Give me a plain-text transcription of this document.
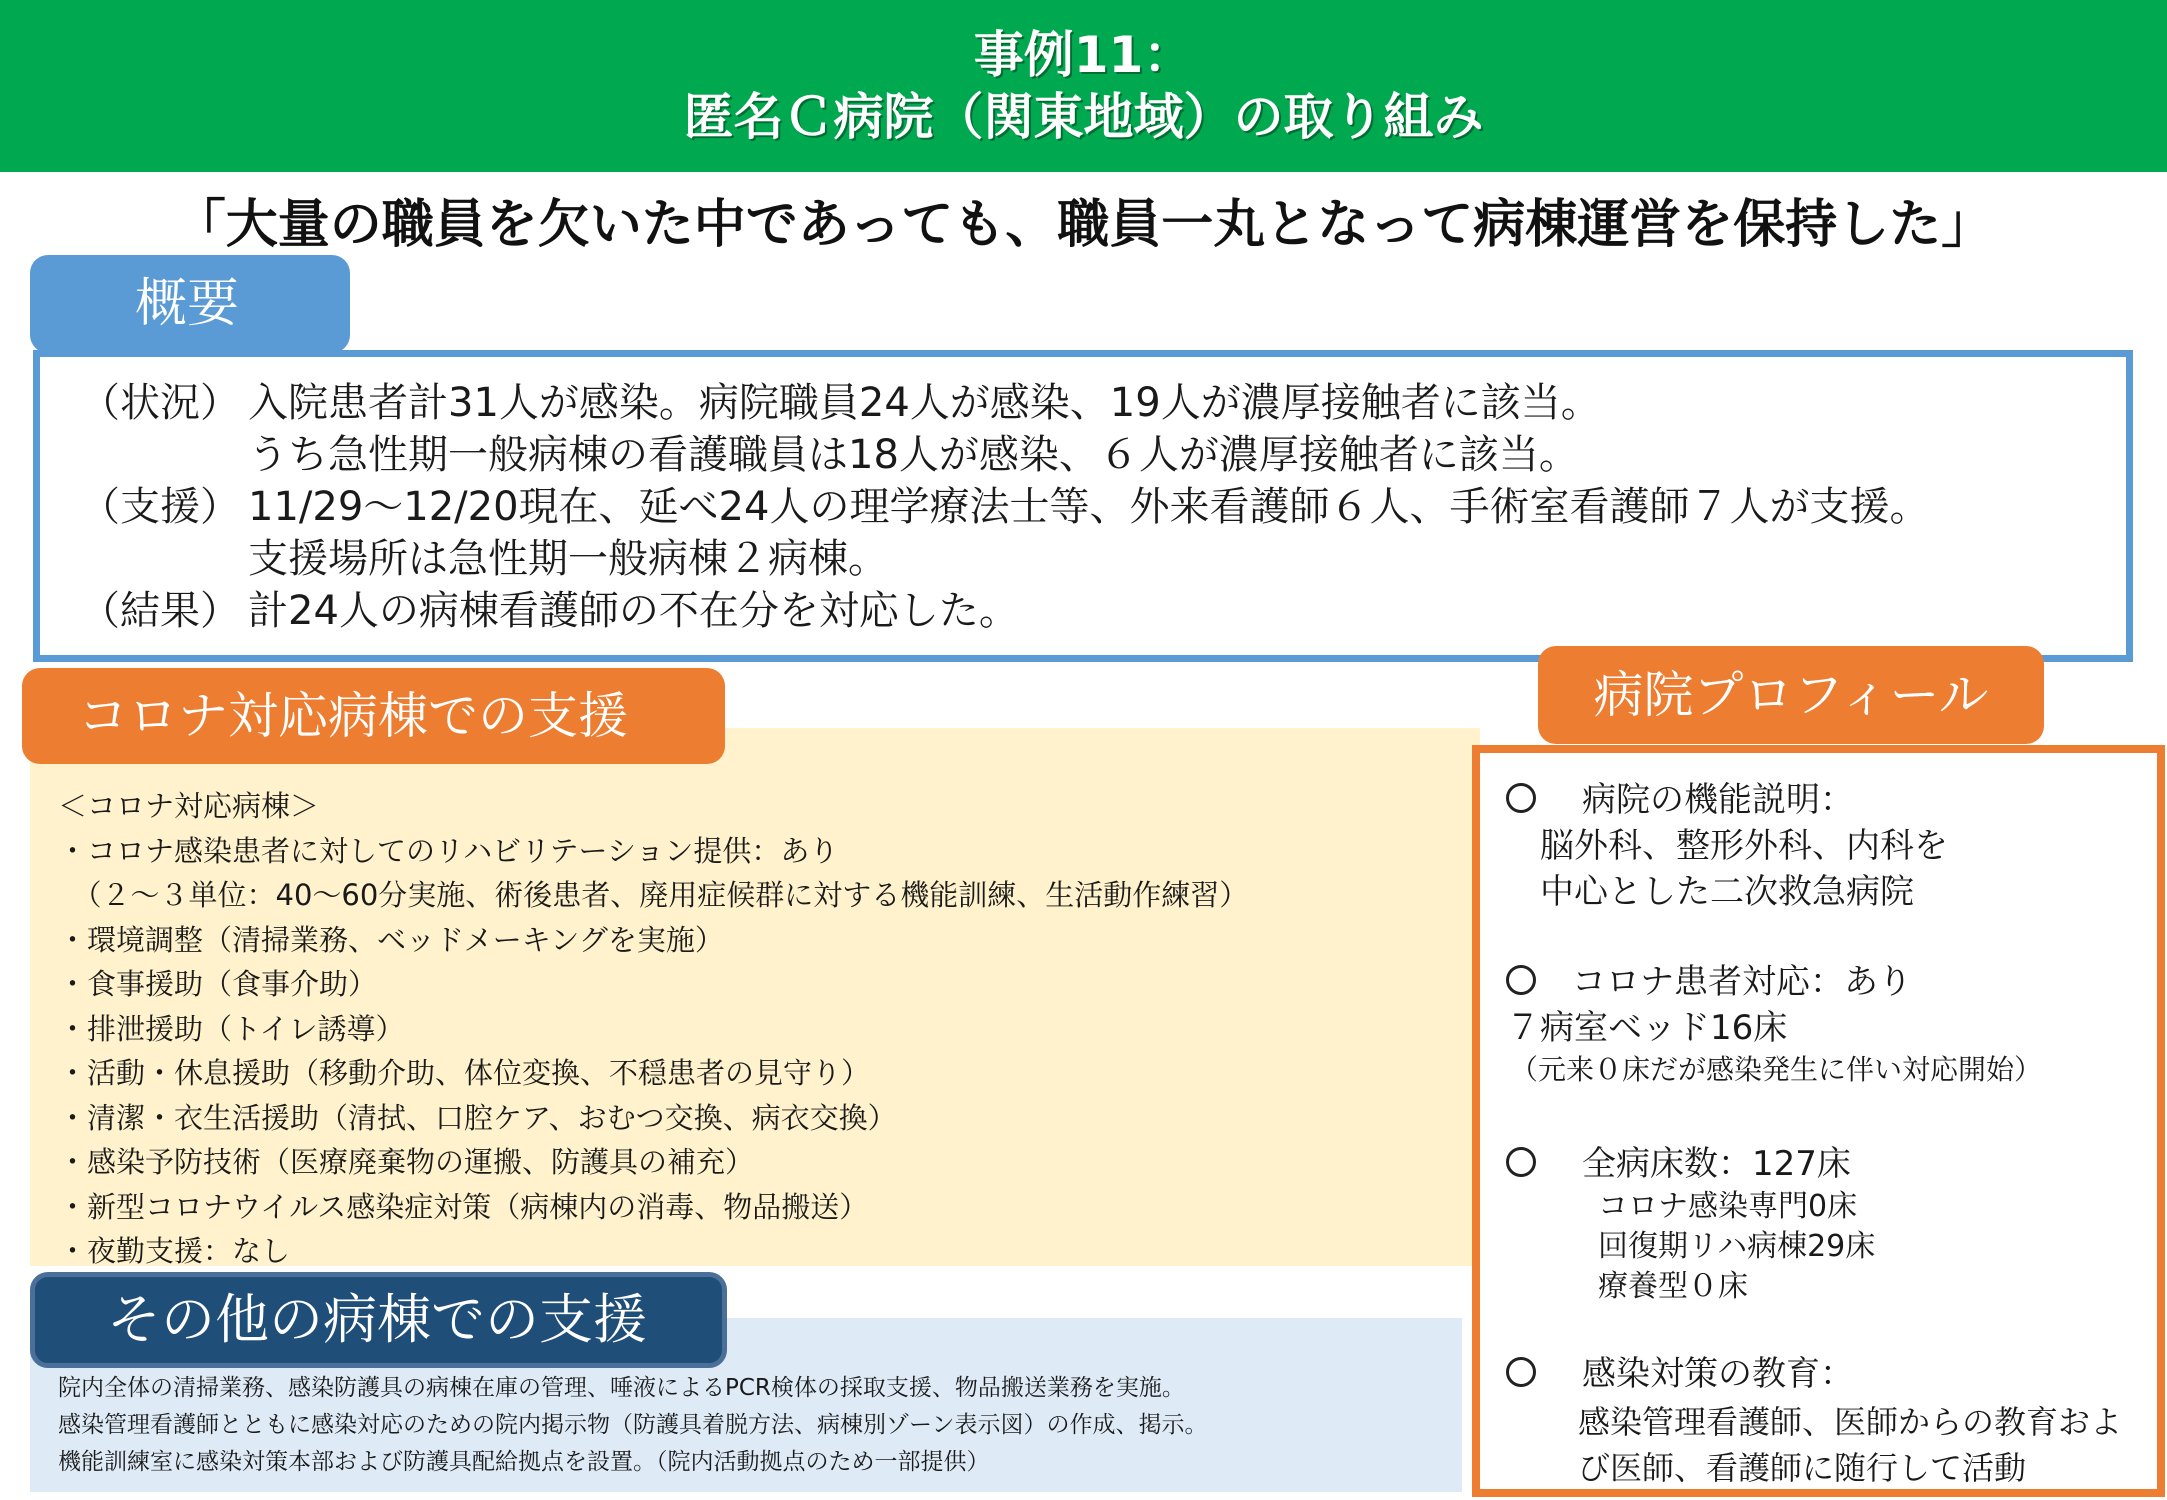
事例11：
匿名Ｃ病院（関東地域）の取り組み
「大量の職員を欠いた中であっても、職員一丸となって病棟運営を保持した」
（状況） 入院患者計31人が感染。病院職員24人が感染、19人が濃厚接触者に該当。
うち急性期一般病棟の看護職員は18人が感染、６人が濃厚接触者に該当。
（支援） 11/29～12/20現在、延べ24人の理学療法士等、外来看護師６人、手術室看護師７人が支援。
支援場所は急性期一般病棟２病棟。
（結果） 計24人の病棟看護師の不在分を対応した。
概要
＜コロナ対応病棟＞
・コロナ感染患者に対してのリハビリテーション提供：あり
　（２～３単位：40～60分実施、術後患者、廃用症候群に対する機能訓練、生活動作練習）
・環境調整（清掃業務、ベッドメーキングを実施）
・食事援助（食事介助）
・排泄援助（トイレ誘導）
・活動・休息援助（移動介助、体位変換、不穏患者の見守り）
・清潔・衣生活援助（清拭、口腔ケア、おむつ交換、病衣交換）
・感染予防技術（医療廃棄物の運搬、防護具の補充）
・新型コロナウイルス感染症対策（病棟内の消毒、物品搬送）
・夜勤支援：なし
コロナ対応病棟での支援
院内全体の清掃業務、感染防護具の病棟在庫の管理、唾液によるPCR検体の採取支援、物品搬送業務を実施。
感染管理看護師とともに感染対応のための院内掲示物（防護具着脱方法、病棟別ゾーン表示図）の作成、掲示。
機能訓練室に感染対策本部および防護具配給拠点を設置。（院内活動拠点のため一部提供）
その他の病棟での支援
病院の機能説明：
脳外科、整形外科、内科を
中心とした二次救急病院
コロナ患者対応：あり
７病室ベッド16床
（元来０床だが感染発生に伴い対応開始）
全病床数：127床
コロナ感染専門0床
回復期リハ病棟29床
療養型０床
感染対策の教育：
感染管理看護師、医師からの教育およ
び医師、看護師に随行して活動
病院プロフィール
